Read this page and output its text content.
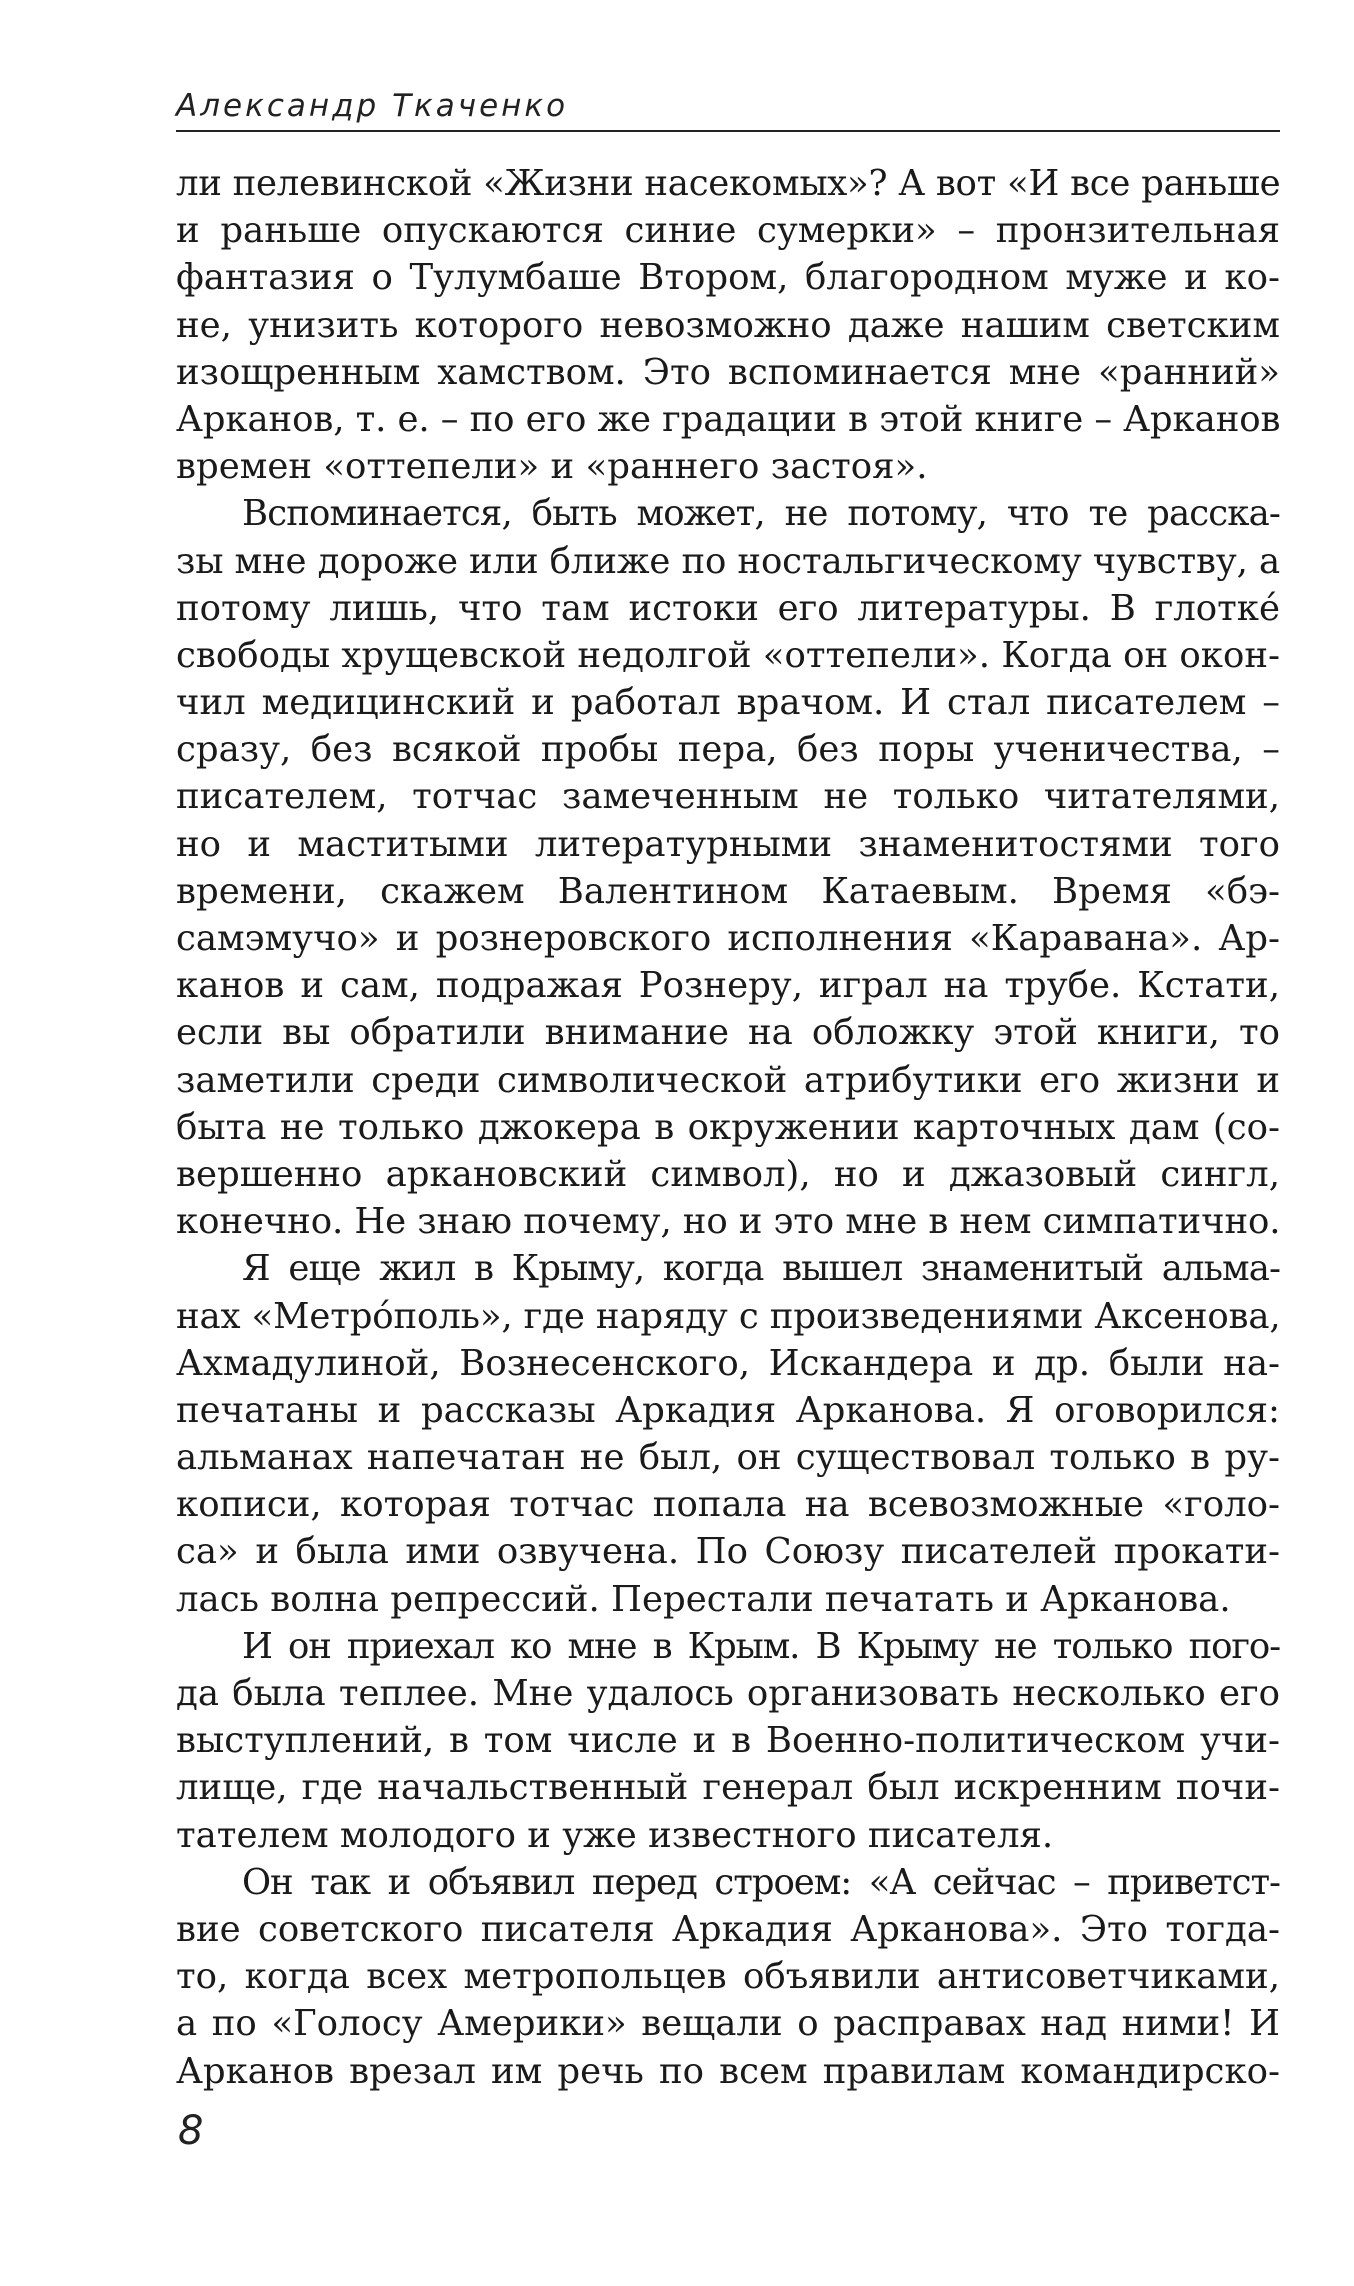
Александр Ткаченко
ли пелевинской «Жизни насекомых»? А вот «И все раньше
и раньше опускаются синие сумерки» – пронзительная
фантазия о Тулумбаше Втором, благородном муже и ко-
не, унизить которого невозможно даже нашим светским
изощренным хамством. Это вспоминается мне «ранний»
Арканов, т. е. – по его же градации в этой книге – Арканов
времен «оттепели» и «раннего застоя».
Вспоминается, быть может, не потому, что те расска-
зы мне дороже или ближе по ностальгическому чувству, а
потому лишь, что там истоки его литературы. В глотке́
свободы хрущевской недолгой «оттепели». Когда он окон-
чил медицинский и работал врачом. И стал писателем –
сразу, без всякой пробы пера, без поры ученичества, –
писателем, тотчас замеченным не только читателями,
но и маститыми литературными знаменитостями того
времени, скажем Валентином Катаевым. Время «бэ-
самэмучо» и рознеровского исполнения «Каравана». Ар-
канов и сам, подражая Рознеру, играл на трубе. Кстати,
если вы обратили внимание на обложку этой книги, то
заметили среди символической атрибутики его жизни и
быта не только джокера в окружении карточных дам (со-
вершенно аркановский символ), но и джазовый сингл,
конечно. Не знаю почему, но и это мне в нем симпатично.
Я еще жил в Крыму, когда вышел знаменитый альма-
нах «Метро́поль», где наряду с произведениями Аксенова,
Ахмадулиной, Вознесенского, Искандера и др. были на-
печатаны и рассказы Аркадия Арканова. Я оговорился:
альманах напечатан не был, он существовал только в ру-
кописи, которая тотчас попала на всевозможные «голо-
са» и была ими озвучена. По Союзу писателей прокати-
лась волна репрессий. Перестали печатать и Арканова.
И он приехал ко мне в Крым. В Крыму не только пого-
да была теплее. Мне удалось организовать несколько его
выступлений, в том числе и в Военно-политическом учи-
лище, где начальственный генерал был искренним почи-
тателем молодого и уже известного писателя.
Он так и объявил перед строем: «А сейчас – приветст-
вие советского писателя Аркадия Арканова». Это тогда-
то, когда всех метропольцев объявили антисоветчиками,
а по «Голосу Америки» вещали о расправах над ними! И
Арканов врезал им речь по всем правилам командирско-
8
